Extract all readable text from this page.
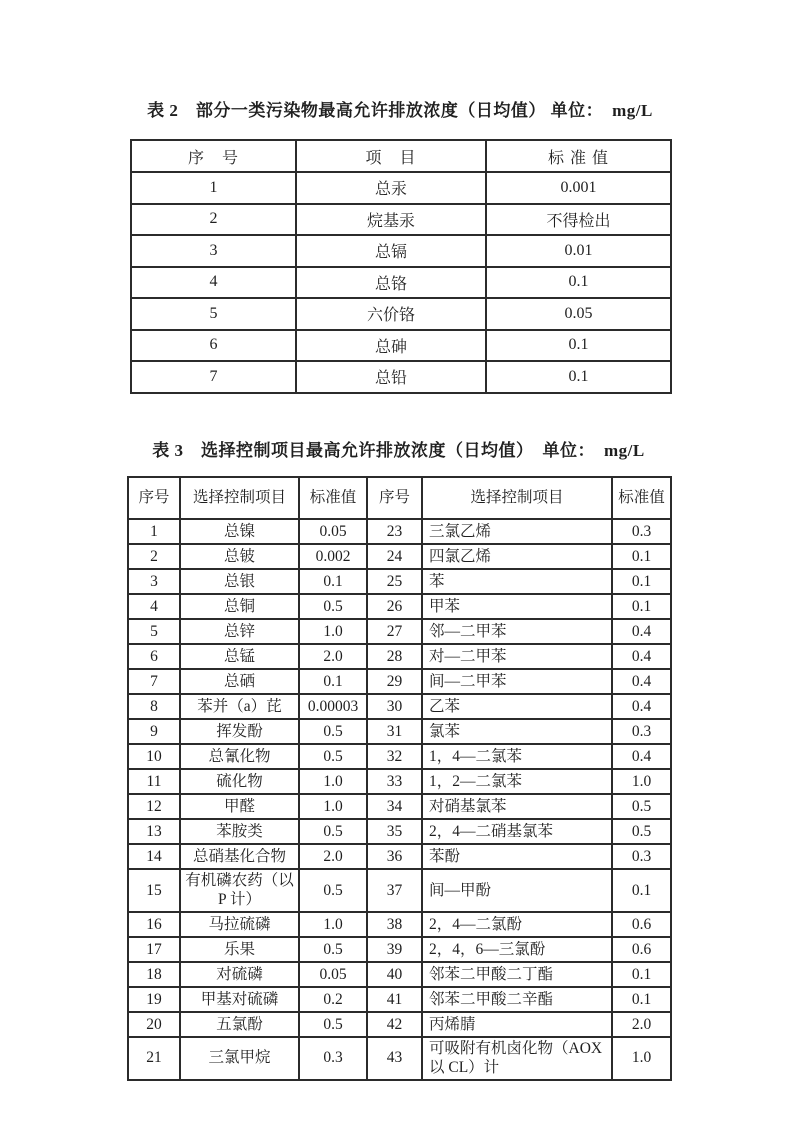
表 2　部分一类污染物最高允许排放浓度（日均值） 单位：　mg/L
序　号	项　目	标 准 值
1	总汞	0.001
2	烷基汞	不得检出
3	总镉	0.01
4	总铬	0.1
5	六价铬	0.05
6	总砷	0.1
7	总铅	0.1
表 3　选择控制项目最高允许排放浓度（日均值）　单位：　mg/L
序号	选择控制项目	标准值	序号	选择控制项目	标准值
1	总镍	0.05	23	三氯乙烯	0.3
2	总铍	0.002	24	四氯乙烯	0.1
3	总银	0.1	25	苯	0.1
4	总铜	0.5	26	甲苯	0.1
5	总锌	1.0	27	邻—二甲苯	0.4
6	总锰	2.0	28	对—二甲苯	0.4
7	总硒	0.1	29	间—二甲苯	0.4
8	苯并（a）芘	0.00003	30	乙苯	0.4
9	挥发酚	0.5	31	氯苯	0.3
10	总氰化物	0.5	32	1，4—二氯苯	0.4
11	硫化物	1.0	33	1，2—二氯苯	1.0
12	甲醛	1.0	34	对硝基氯苯	0.5
13	苯胺类	0.5	35	2，4—二硝基氯苯	0.5
14	总硝基化合物	2.0	36	苯酚	0.3
15	有机磷农药（以 P 计）	0.5	37	间—甲酚	0.1
16	马拉硫磷	1.0	38	2，4—二氯酚	0.6
17	乐果	0.5	39	2，4，6—三氯酚	0.6
18	对硫磷	0.05	40	邻苯二甲酸二丁酯	0.1
19	甲基对硫磷	0.2	41	邻苯二甲酸二辛酯	0.1
20	五氯酚	0.5	42	丙烯腈	2.0
21	三氯甲烷	0.3	43	可吸附有机卤化物（AOX 以 CL）计	1.0
